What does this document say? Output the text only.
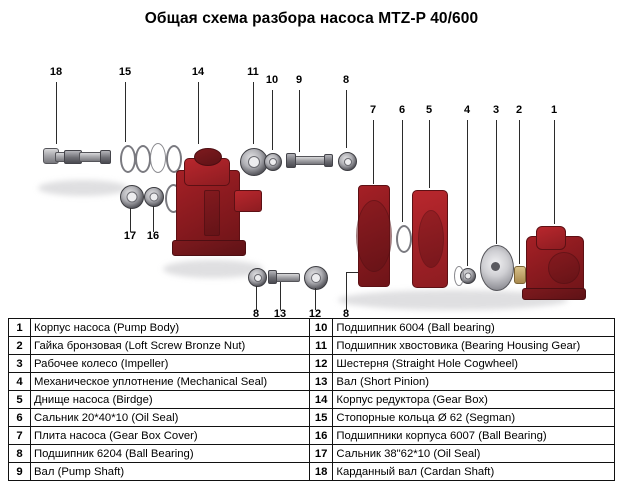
Общая схема разбора насоса MTZ-P 40/600
18	15	14	11
10	9	8
7	6	5	4	3	2	1
17 16
8	13 12	8
1	Корпус насоса (Pump Body)	10	Подшипник 6004 (Ball bearing)
2	Гайка бронзовая (Loft Screw Bronze Nut)	11	Подшипник хвостовика (Bearing Housing Gear)
3	Рабочее колесо (Impeller)	12	Шестерня (Straight Hole Cogwheel)
4	Механическое уплотнение (Mechanical Seal)	13	Вал (Short Pinion)
5	Днище насоса (Birdge)	14	Корпус редуктора (Gear Box)
6	Сальник 20*40*10 (Oil Seal)	15	Стопорные кольца Ø 62 (Segman)
7	Плита насоса (Gear Box Cover)	16	Подшипники корпуса 6007 (Ball Bearing)
8	Подшипник 6204 (Ball Bearing)	17	Сальник 38"62*10 (Oil Seal)
9	Вал (Pump Shaft)	18	Карданный вал (Cardan Shaft)
